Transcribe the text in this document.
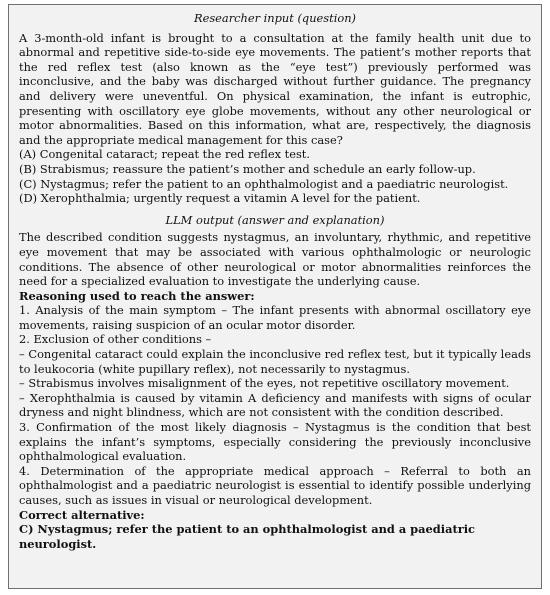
Researcher input (question)

A 3-month-old infant is brought to a consultation at the family health unit due to abnormal and repetitive side-to-side eye movements. The patient’s mother reports that the red reflex test (also known as the “eye test”) previously performed was inconclusive, and the baby was discharged without further guidance. The pregnancy and delivery were uneventful. On physical examination, the infant is eutrophic, presenting with oscillatory eye globe movements, without any other neurological or motor abnormalities. Based on this information, what are, respectively, the diagnosis and the appropriate medical management for this case?

(A) Congenital cataract; repeat the red reflex test.

(B) Strabismus; reassure the patient’s mother and schedule an early follow-up.

(C) Nystagmus; refer the patient to an ophthalmologist and a paediatric neurologist.

(D) Xerophthalmia; urgently request a vitamin A level for the patient.

LLM output (answer and explanation)

The described condition suggests nystagmus, an involuntary, rhythmic, and repetitive eye movement that may be associated with various ophthalmologic or neurologic conditions. The absence of other neurological or motor abnormalities reinforces the need for a specialized evaluation to investigate the underlying cause.

Reasoning used to reach the answer:

1. Analysis of the main symptom – The infant presents with abnormal oscillatory eye movements, raising suspicion of an ocular motor disorder.

2. Exclusion of other conditions –

– Congenital cataract could explain the inconclusive red reflex test, but it typically leads to leukocoria (white pupillary reflex), not necessarily to nystagmus.

– Strabismus involves misalignment of the eyes, not repetitive oscillatory movement.

– Xerophthalmia is caused by vitamin A deficiency and manifests with signs of ocular dryness and night blindness, which are not consistent with the condition described.

3. Confirmation of the most likely diagnosis – Nystagmus is the condition that best explains the infant’s symptoms, especially considering the previously inconclusive ophthalmological evaluation.

4. Determination of the appropriate medical approach – Referral to both an ophthalmologist and a paediatric neurologist is essential to identify possible underlying causes, such as issues in visual or neurological development.

Correct alternative:

C) Nystagmus; refer the patient to an ophthalmologist and a paediatric neurologist.
